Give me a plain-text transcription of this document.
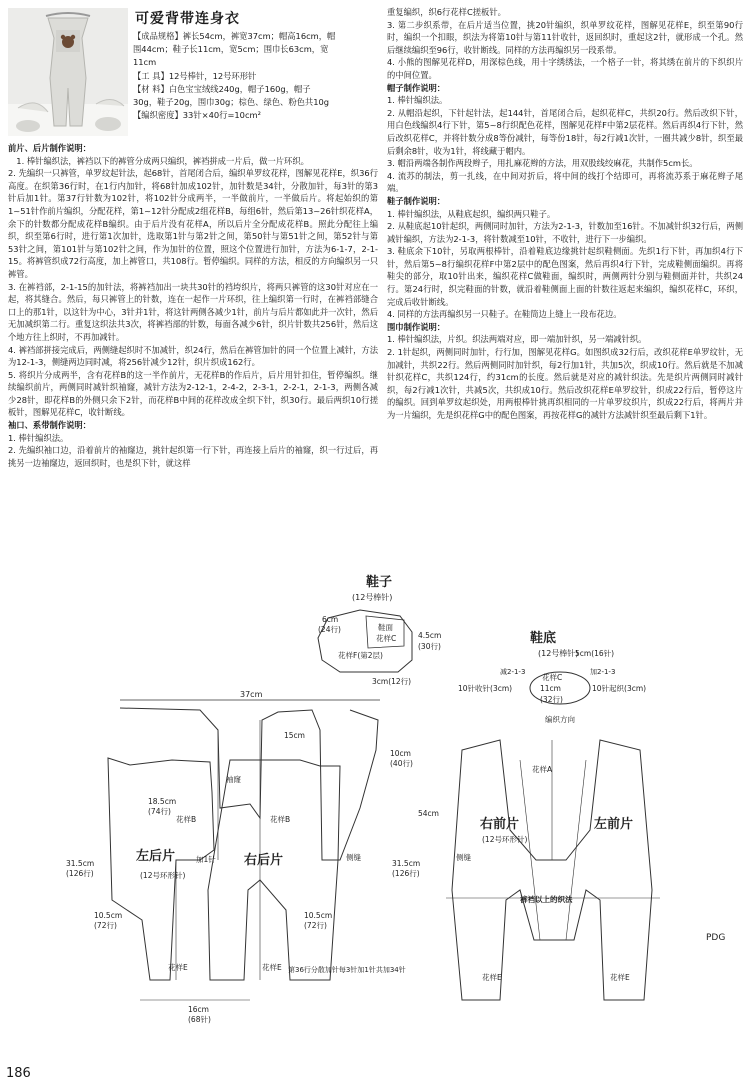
可爱背带连身衣
【成品规格】裤长54cm，裤宽37cm；帽高16cm，帽
围44cm；鞋子长11cm，宽5cm；围巾长63cm，宽
11cm
【工 具】12号棒针，12号环形针
【材 料】白色宝宝绒线240g，帽子160g，帽子
30g，鞋子20g，围巾30g；棕色、绿色、粉色共10g
【编织密度】33针×40行=10cm²

前片、后片制作说明：

1. 棒针编织法，裤裆以下的裤管分成两只编织，裤裆拼成一片后，做一片环织。

2. 先编织一只裤管，单罗纹起针法，起68针，首尾闭合后，编织单罗纹花样，图解见花样E，织36行高度。在织第36行时，在1行内加针，将68针加成102针，加针数是34针，分散加针，每3针的第3针后加1针。第37行针数为102针，将102针分成两半，一半做前片，一半做后片。将起始织的第1~51针作前片编织，分配花样，第1~12针分配成2组花样B，每组6针，然后第13~26针织花样A，余下的针数都分配成花样B编织。由于后片没有花样A，所以后片全分配成花样B。照此分配往上编织，织至第6行时，进行第1次加针，选取第1针与第2针之间，第50针与第51针之间，第52针与第53针之间，第101针与第102针之间，作为加针的位置，照这个位置进行加针，方法为6-1-7，2-1-15。将裤管织成72行高度，加上裤管口，共108行。暂停编织。同样的方法，相反的方向编织另一只裤管。

3. 在裤裆部，2-1-15的加针法，将裤裆加出一块共30针的裆垮织片，将两只裤管的这30针对应在一起，将其缝合。然后，每只裤管上的针数，连在一起作一片环织，往上编织第一行时，在裤裆部缝合口上的那1针，以这针为中心，3针并1针，将这针两侧各减少1针，前片与后片都如此并一次针，然后无加减织第二行。重复这织法共3次，将裤裆部的针数，每面各减少6针，织片针数共256针，然后这个地方往上织时，不再加减针。

4. 裤裆部拼接完成后，两侧缝起织时不加减针，织24行，然后在裤管加针的同一个位置上减针，方法为12-1-3，侧缝两边同时减，将256针减少12针，织片织成162行。

5. 将织片分成两半，含有花样B的这一半作前片，无花样B的作后片，后片用针扣住，暂停编织。继续编织前片，两侧同时减针织袖窿，减针方法为2-12-1，2-4-2，2-3-1，2-2-1，2-1-3，两侧各减少28针，即花样B的外侧只余下2针，而花样B中间的花样改成全织下针，织30行。最后两织10行搓板针，图解见花样C，收针断线。

袖口、系带制作说明：

1. 棒针编织法。

2. 先编织袖口边，沿着前片的袖窿边，挑针起织第一行下针，再连接上后片的袖窿，织一行过后，再挑另一边袖窿边，返回织时，也是织下针，就这样

重复编织，织6行花样C搓板针。

3. 第二步织系带，在后片适当位置，挑20针编织，织单罗纹花样，图解见花样E，织至第90行时，编织一个扣眼，织法为将第10针与第11针收针，返回织时，重起这2针，就形成一个孔。然后继续编织至96行，收针断线。同样的方法再编织另一段系带。

4. 小熊的图解见花样D，用深棕色线，用十字绣绣法，一个格子一针，将其绣在前片的下织织片的中间位置。

帽子制作说明：

1. 棒针编织法。

2. 从帽沿起织，下针起针法，起144针，首尾闭合后，起织花样C，共织20行。然后改织下针，用白色线编织4行下针，第5~8行织配色花样，图解见花样F中第2层花样。然后再织4行下针，然后改织花样C，并将针数分成8等份减针，每等份18针，每2行减1次针，一圈共减少8针，织至最后剩余8针，收为1针，将线藏于帽内。

3. 帽沿两端各制作两段辫子，用扎麻花辫的方法，用双股线绞麻花，共制作5cm长。

4. 流苏的制法，剪一扎线，在中间对折后，将中间的线打个结即可，再将流苏系于麻花辫子尾端。

鞋子制作说明：

1. 棒针编织法，从鞋底起织，编织两只鞋子。

2. 从鞋底起10针起织，两侧同时加针，方法为2-1-3，针数加至16针。不加减针织32行后，两侧减针编织，方法为2-1-3，将针数减至10针，不收针，进行下一步编织。

3. 鞋底余下10针，另取两根棒针，沿着鞋底边缘挑针起织鞋侧面。先织1行下针，再加织4行下针，然后第5~8行编织花样F中第2层中的配色图案，然后再织4行下针，完成鞋侧面编织。再将鞋尖的部分，取10针出来，编织花样C做鞋面，编织时，两侧两针分别与鞋侧面并针，共织24行。第24行时，织完鞋面的针数，就沿着鞋侧面上面的针数往返起来编织，编织花样C，环织，完成后收针断线。

4. 同样的方法再编织另一只鞋子。在鞋筒边上缝上一段布花边。

围巾制作说明：

1. 棒针编织法，片织。织法两端对应，即一端加针织，另一端减针织。

2. 1针起织，两侧同时加针，行行加，图解见花样G。如图织成32行后，改织花样E单罗纹针，无加减针，共织22行。然后两侧同时加针织，每2行加1针，共加5次，织成10行。然后就是不加减针织花样C，共织124行，约31cm的长度。然后就是对应的减针织法。先是织片两侧同时减针织，每2行减1次针，共减5次，共织成10行。然后改织花样E单罗纹针，织成22行后，暂停这片的编织。回到单罗纹起织处，用两根棒针挑再织相同的一片单罗纹织片，织成22行后，将两片并为一片编织，先是织花样G中的配色图案，再按花样G的减针方法减针织至最后剩下1针。

鞋子
(12号棒针)
鞋面
花样C
花样F(第2层)
6cm
(24行)
4.5cm
(30行)
3cm(12行)
鞋底
(12号棒针)
5cm(16针)
花样C
11cm
(32行)
10针收针(3cm)	10针起织(3cm)
减2-1-3	加2-1-3
编织方向
37cm
15cm
袖窿
18.5cm
(74行)
左后片	右后片
(12号环形针)
31.5cm
(126行)
花样B	花样B
加1针
10.5cm
(72行)
10.5cm
(72行)
侧缝
10cm
(40行)
花样E	花样E
16cm
(68针)
第36行分散加针每3针加1针共加34针
右前片	左前片
(12号环形针)
54cm
31.5cm
(126行)
裤裆以上的织法
花样A
侧缝
花样E	花样E
PDG
186
